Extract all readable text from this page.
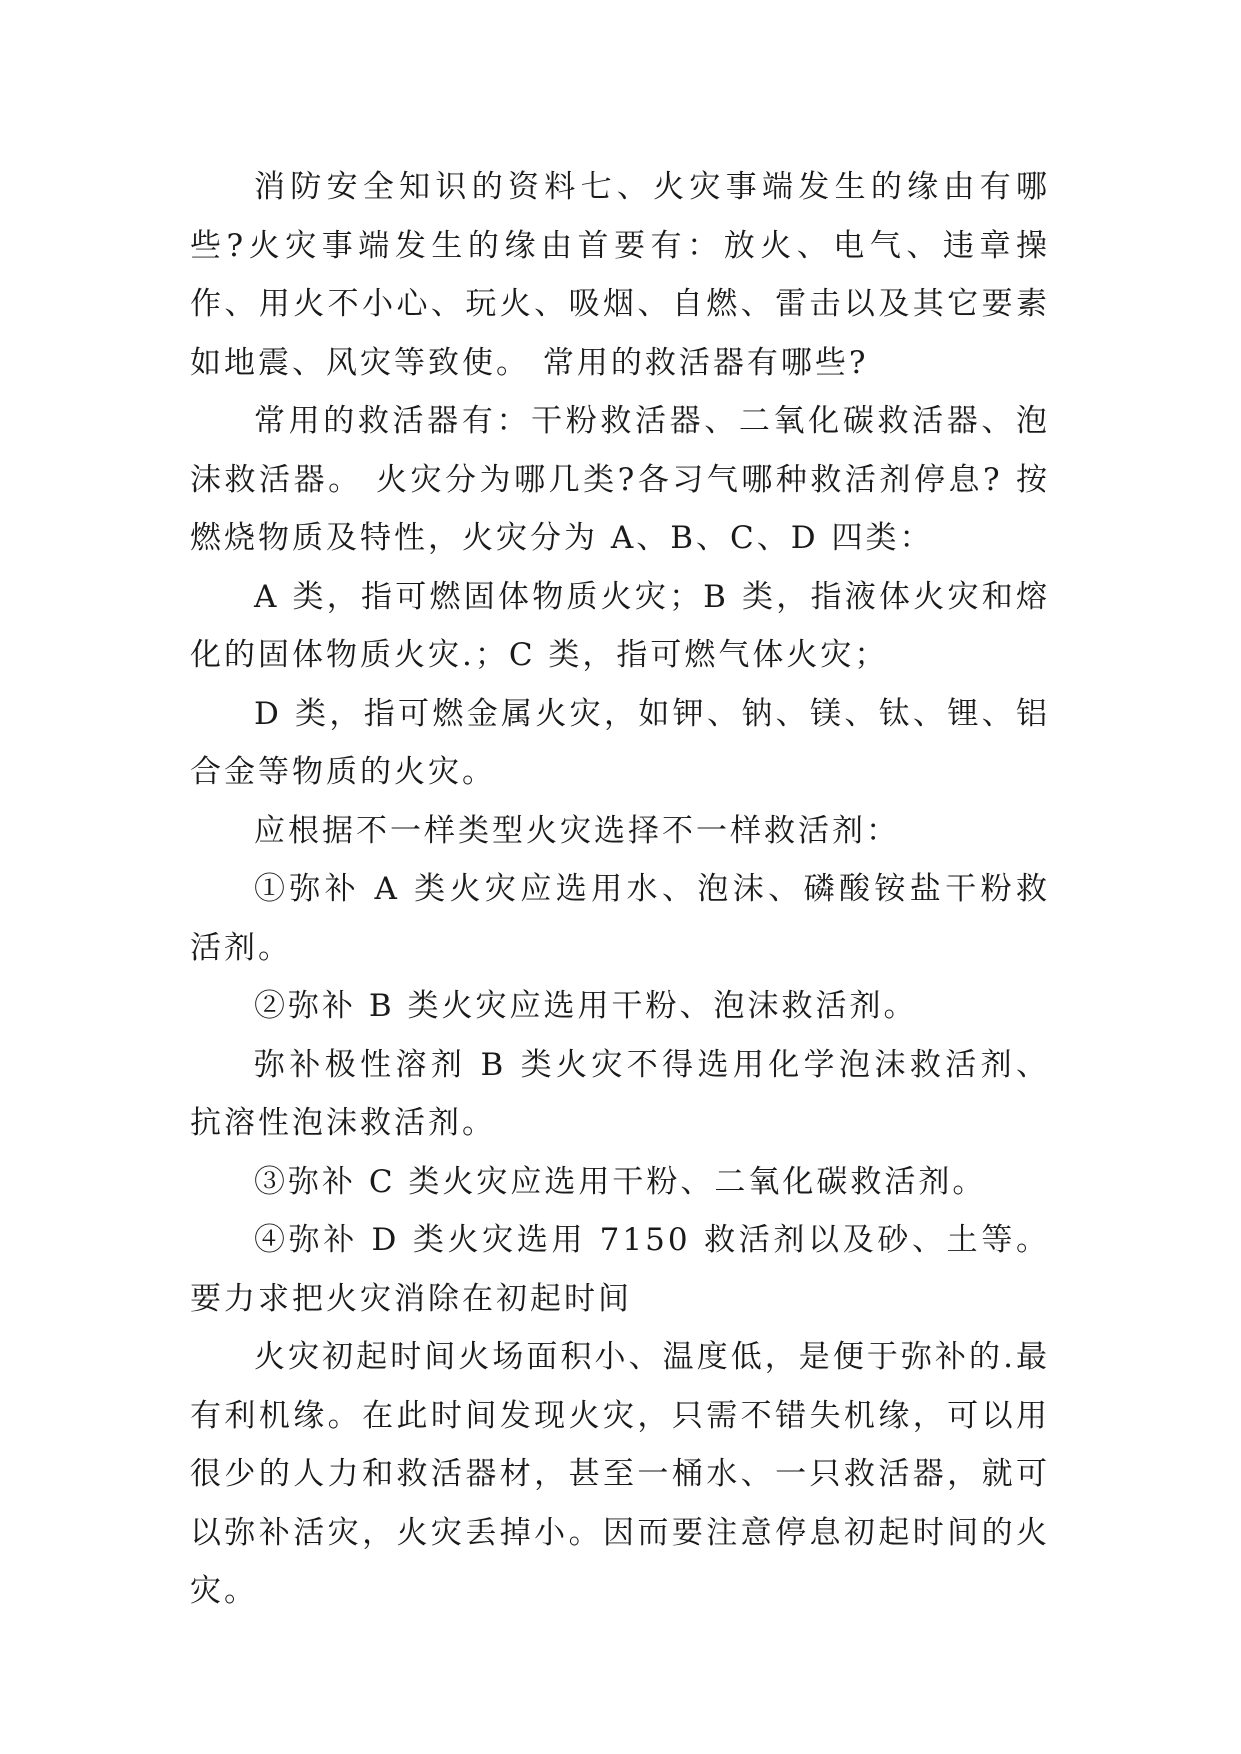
消防安全知识的资料七、火灾事端发生的缘由有哪些?火灾事端发生的缘由首要有：放火、电气、违章操作、用火不小心、玩火、吸烟、自燃、雷击以及其它要素如地震、风灾等致使。 常用的救活器有哪些?

常用的救活器有：干粉救活器、二氧化碳救活器、泡沫救活器。 火灾分为哪几类?各习气哪种救活剂停息? 按燃烧物质及特性，火灾分为 A、B、C、D 四类：

A 类，指可燃固体物质火灾；B 类，指液体火灾和熔化的固体物质火灾.；C 类，指可燃气体火灾；

D 类，指可燃金属火灾，如钾、钠、镁、钛、锂、铝合金等物质的火灾。

应根据不一样类型火灾选择不一样救活剂：

①弥补 A 类火灾应选用水、泡沫、磷酸铵盐干粉救活剂。

②弥补 B 类火灾应选用干粉、泡沫救活剂。

弥补极性溶剂 B 类火灾不得选用化学泡沫救活剂、抗溶性泡沫救活剂。

③弥补 C 类火灾应选用干粉、二氧化碳救活剂。

④弥补 D 类火灾选用 7150 救活剂以及砂、土等。 要力求把火灾消除在初起时间

火灾初起时间火场面积小、温度低，是便于弥补的.最有利机缘。在此时间发现火灾，只需不错失机缘，可以用很少的人力和救活器材，甚至一桶水、一只救活器，就可以弥补活灾，火灾丢掉小。因而要注意停息初起时间的火灾。
